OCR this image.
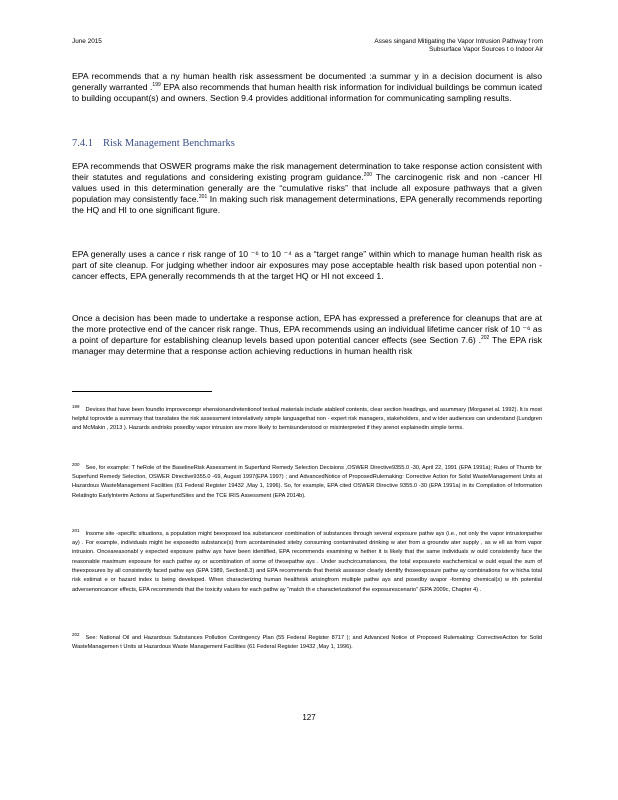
June 2015	Asses singand Mitigating the Vapor Intrusion Pathway f rom
Subsurface Vapor Sources t o Indoor Air
EPA recommends that a ny human health risk assessment be documented :a summar y in a decision document is also generally warranted .$^{199}$ EPA also recommends that human health risk information for individual buildings be commun icated to building occupant(s) and owners. Section 9.4 provides additional information for communicating sampling results.
7.4.1 Risk Management Benchmarks
EPA recommends that OSWER programs make the risk management determination to take response action consistent with their statutes and regulations and considering existing program guidance.$^{200}$ The carcinogenic risk and non -cancer HI values used in this determination generally are the “cumulative risks” that include all exposure pathways that a given population may consistently face.$^{201}$ In making such risk management determinations, EPA generally recommends reporting the HQ and HI to one significant figure.
EPA generally uses a cance r risk range of 10 ⁻⁶ to 10 ⁻⁴ as a “target range” within which to manage human health risk as part of site cleanup. For judging whether indoor air exposures may pose acceptable health risk based upon potential non -cancer effects, EPA generally recommends th at the target HQ or HI not exceed 1.
Once a decision has been made to undertake a response action, EPA has expressed a preference for cleanups that are at the more protective end of the cancer risk range. Thus, EPA recommends using an individual lifetime cancer risk of 10 ⁻⁶ as a point of departure for establishing cleanup levels based upon potential cancer effects (see Section 7.6) .$^{202}$ The EPA risk manager may determine that a response action achieving reductions in human health risk
$^{199}$Devices that have been foundto improvecompr ehensionandretentionof textual materials include atableof contents, clear section headings, and asummary (Morganet al. 1992). It is most helpful toprovide a summary that translates the risk assessment intorelatively simple languagethat non - expert risk managers, stakeholders, and w ider audiences can understand (Lundgren and McMakin , 2013 ). Hazards andrisks posedby vapor intrusion are more likely to bemisunderstood or misinterpreted if they arenot explainedin simple terms.
$^{200}$See, for example: T heRole of the BaselineRisk Assessment in Superfund Remedy Selection Decisions ,OSWER Directive9355.0 -30, April 22, 1991 (EPA 1991a); Rules of Thumb for Superfund Remedy Selection, OSWER Directive9355.0 -69, August 1997(EPA 1997) ; and AdvancedNotice of ProposedRulemaking: Corrective Action for Solid WasteManagement Units at Hazardous WasteManagement Facilities (61 Federal Register 19432 ,May 1, 1996). So, for example, EPA cited OSWER Directive 9355.0 -30 (EPA 1991a) in its Compilation of Information Relatingto EarlyInterim Actions at SuperfundSites and the TCE IRIS Assessment (EPA 2014b).
$^{201}$Insome site -specific situations, a population might beexposed toa substanceor combination of substances through several exposure pathw ays (i.e., not only the vapor intrusionpathw ay) . For example, individuals might be exposedto substance(s) from acontaminated siteby consuming contaminated drinking w ater from a groundw ater supply , as w ell as from vapor intrusion. Onceareasonabl y expected exposure pathw ays have been identified, EPA recommends examining w hether it is likely that the same individuals w ould consistently face the reasonable maximum exposure for each pathw ay or acombination of some of thesepathw ays . Under suchcircumstances, the total exposureto eachchemical w ould equal the sum of theexposures by all consistently faced pathw ays (EPA 1989, Section8.3) and EPA recommends that therisk assessor clearly identify thoseexposure pathw ay combinations for w hicha total risk estimat e or hazard index is being developed. When characterizing human healthrisk arisingfrom multiple pathw ays and posedby avapor -forming chemical(s) w ith potential adversenoncancer effects, EPA recommends that the toxicity values for each pathw ay “match th e characterizationof the exposurescenario” (EPA 2009c, Chapter 4) .
$^{202}$See: National Oil and Hazardous Substances Pollution Contingency Plan (55 Federal Register 8717 ); and Advanced Notice of Proposed Rulemaking: CorrectiveAction for Solid WasteManagemen t Units at Hazardous Waste Management Facilities (61 Federal Register 19432 ,May 1, 1996).
127
